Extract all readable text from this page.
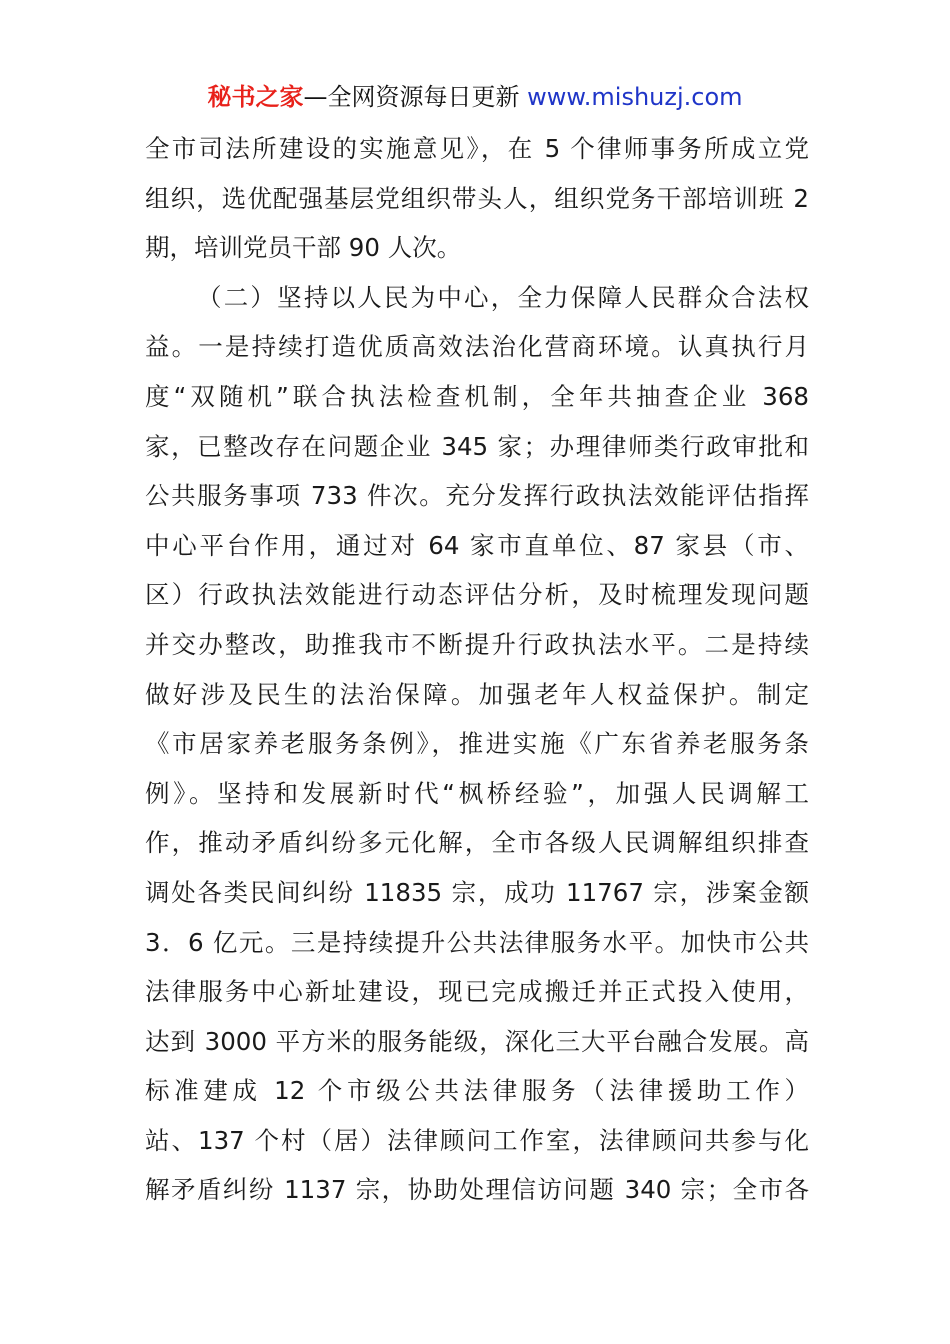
秘书之家—全网资源每日更新 www.mishuzj.com
全市司法所建设的实施意见》，在 5 个律师事务所成立党
组织，选优配强基层党组织带头人，组织党务干部培训班 2
期，培训党员干部 90 人次。
（二）坚持以人民为中心，全力保障人民群众合法权
益。一是持续打造优质高效法治化营商环境。认真执行月
度“双随机”联合执法检查机制，全年共抽查企业 368
家，已整改存在问题企业 345 家；办理律师类行政审批和
公共服务事项 733 件次。充分发挥行政执法效能评估指挥
中心平台作用，通过对 64 家市直单位、87 家县（市、
区）行政执法效能进行动态评估分析，及时梳理发现问题
并交办整改，助推我市不断提升行政执法水平。二是持续
做好涉及民生的法治保障。加强老年人权益保护。制定
《市居家养老服务条例》，推进实施《广东省养老服务条
例》。坚持和发展新时代“枫桥经验”，加强人民调解工
作，推动矛盾纠纷多元化解，全市各级人民调解组织排查
调处各类民间纠纷 11835 宗，成功 11767 宗，涉案金额
3．6 亿元。三是持续提升公共法律服务水平。加快市公共
法律服务中心新址建设，现已完成搬迁并正式投入使用，
达到 3000 平方米的服务能级，深化三大平台融合发展。高
标准建成 12 个市级公共法律服务（法律援助工作）
站、137 个村（居）法律顾问工作室，法律顾问共参与化
解矛盾纠纷 1137 宗，协助处理信访问题 340 宗；全市各
